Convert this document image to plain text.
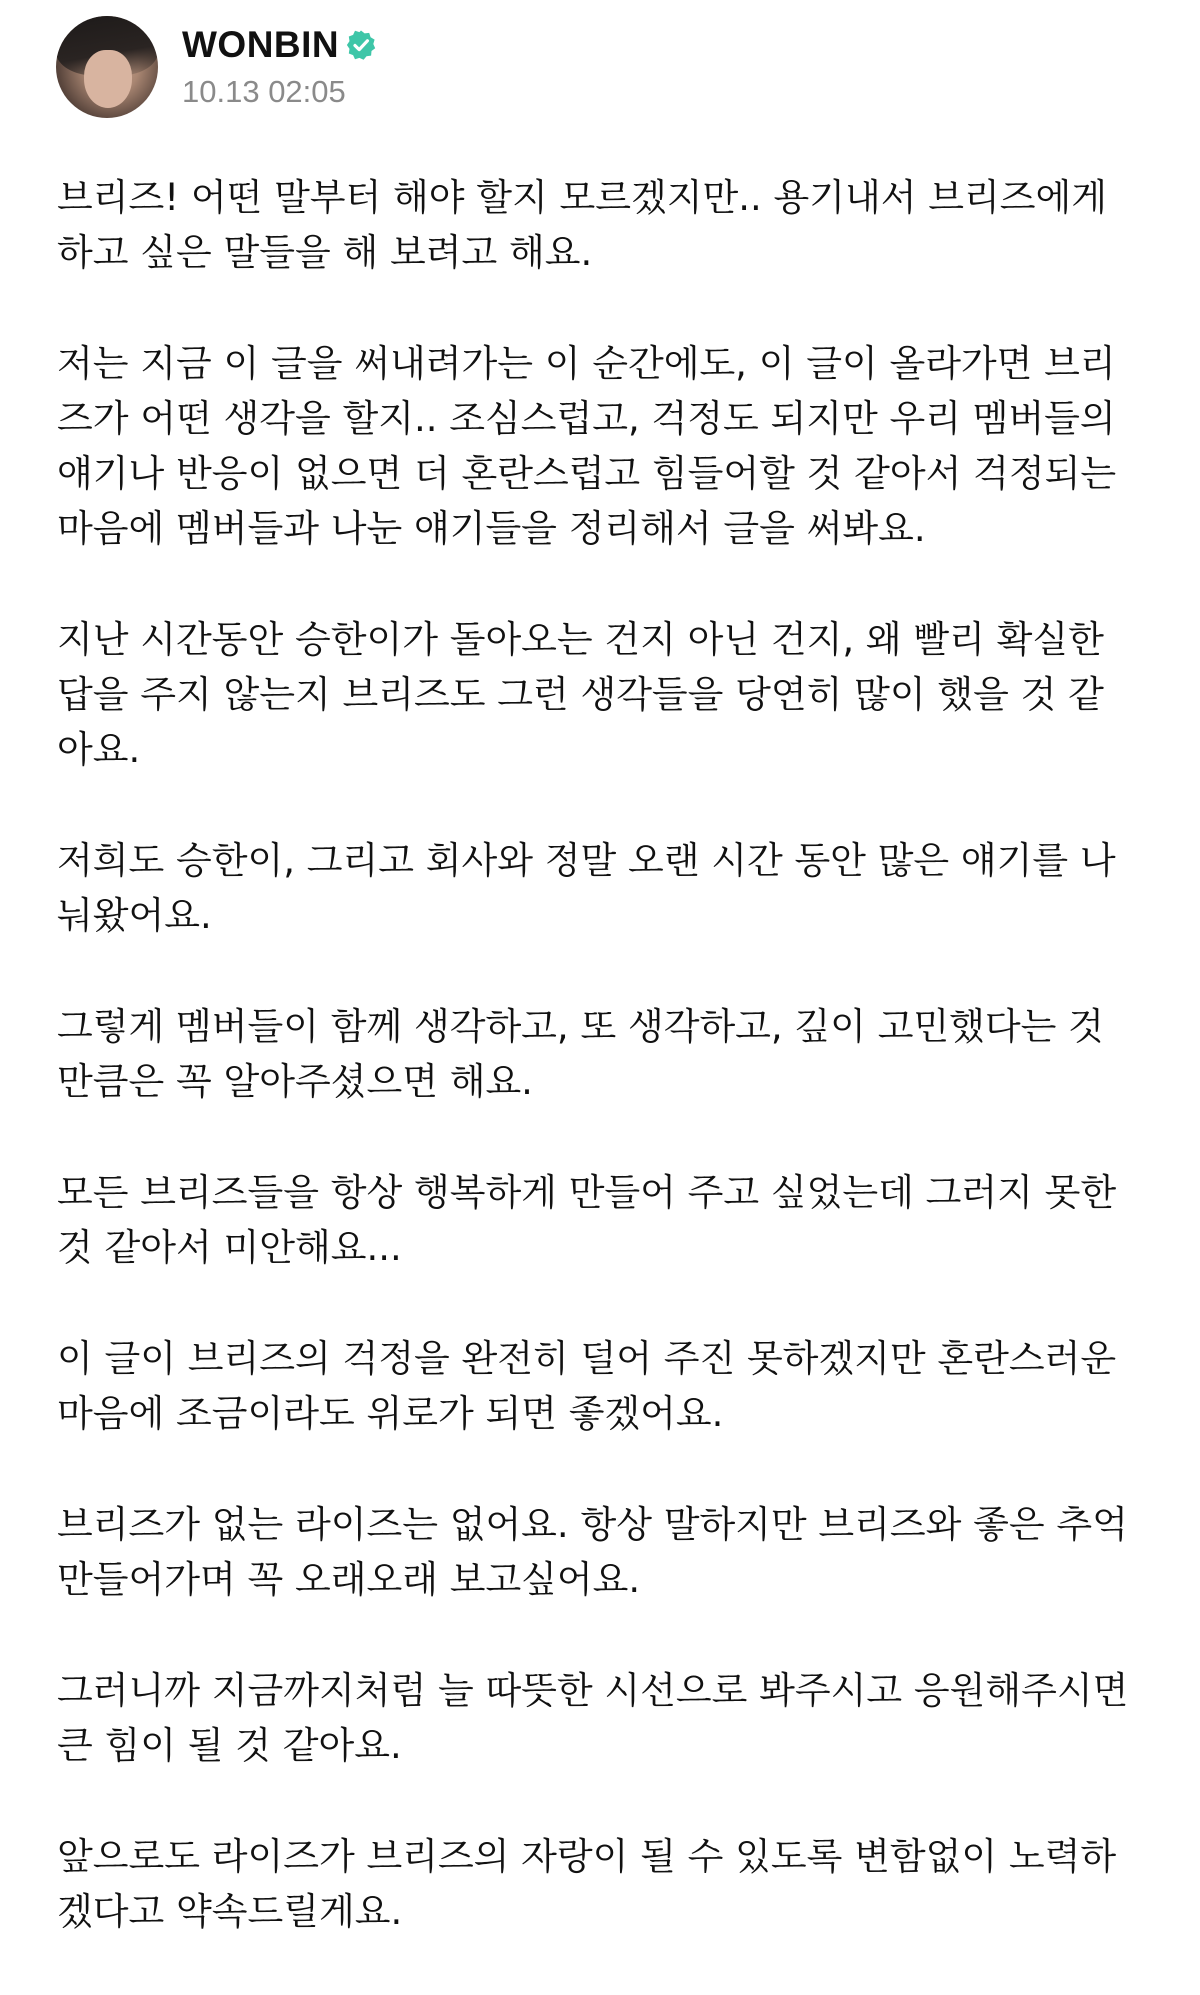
WONBIN
10.13 02:05

브리즈! 어떤 말부터 해야 할지 모르겠지만.. 용기내서 브리즈에게
하고 싶은 말들을 해 보려고 해요.

저는 지금 이 글을 써내려가는 이 순간에도, 이 글이 올라가면 브리
즈가 어떤 생각을 할지.. 조심스럽고, 걱정도 되지만 우리 멤버들의
얘기나 반응이 없으면 더 혼란스럽고 힘들어할 것 같아서 걱정되는
마음에 멤버들과 나눈 얘기들을 정리해서 글을 써봐요.

지난 시간동안 승한이가 돌아오는 건지 아닌 건지, 왜 빨리 확실한
답을 주지 않는지 브리즈도 그런 생각들을 당연히 많이 했을 것 같
아요.

저희도 승한이, 그리고 회사와 정말 오랜 시간 동안 많은 얘기를 나
눠왔어요.

그렇게 멤버들이 함께 생각하고, 또 생각하고, 깊이 고민했다는 것
만큼은 꼭 알아주셨으면 해요.

모든 브리즈들을 항상 행복하게 만들어 주고 싶었는데 그러지 못한
것 같아서 미안해요...

이 글이 브리즈의 걱정을 완전히 덜어 주진 못하겠지만 혼란스러운
마음에 조금이라도 위로가 되면 좋겠어요.

브리즈가 없는 라이즈는 없어요. 항상 말하지만 브리즈와 좋은 추억
만들어가며 꼭 오래오래 보고싶어요.

그러니까 지금까지처럼 늘 따뜻한 시선으로 봐주시고 응원해주시면
큰 힘이 될 것 같아요.

앞으로도 라이즈가 브리즈의 자랑이 될 수 있도록 변함없이 노력하
겠다고 약속드릴게요.
